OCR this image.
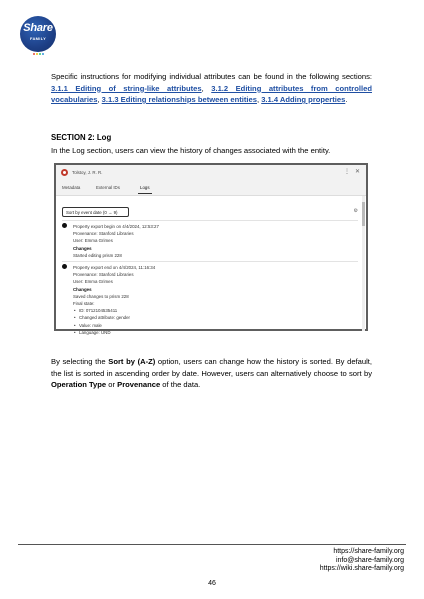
Share
FAMILY
Specific instructions for modifying individual attributes can be found in the following sections: 3.1.1 Editing of string-like attributes, 3.1.2 Editing attributes from controlled vocabularies, 3.1.3 Editing relationships between entities, 3.1.4 Adding properties.
SECTION 2: Log
In the Log section, users can view the history of changes associated with the entity.
Tolstoy, J. R. R.	⋮ ✕
Metadata	External IDs	Logs
Sort by event date (0 → 9)	⚙
Property export begin on 4/4/2024, 12:53:27
Provenance: Stanford Libraries
User: Emma Grimes
Changes
Started editing prism 228
Property export end on 4/4/2024, 11:16:34
Provenance: Stanford Libraries
User: Emma Grimes
Changes
Saved changes to prism 228
Final state:
• ID: 0712104535411
• Changed attribute: gender
• Value: male
• Language: UND
By selecting the Sort by (A-Z) option, users can change how the history is sorted. By default, the list is sorted in ascending order by date. However, users can alternatively choose to sort by Operation Type or Provenance of the data.
https://share-family.org
info@share-family.org
https://wiki.share-family.org
46
